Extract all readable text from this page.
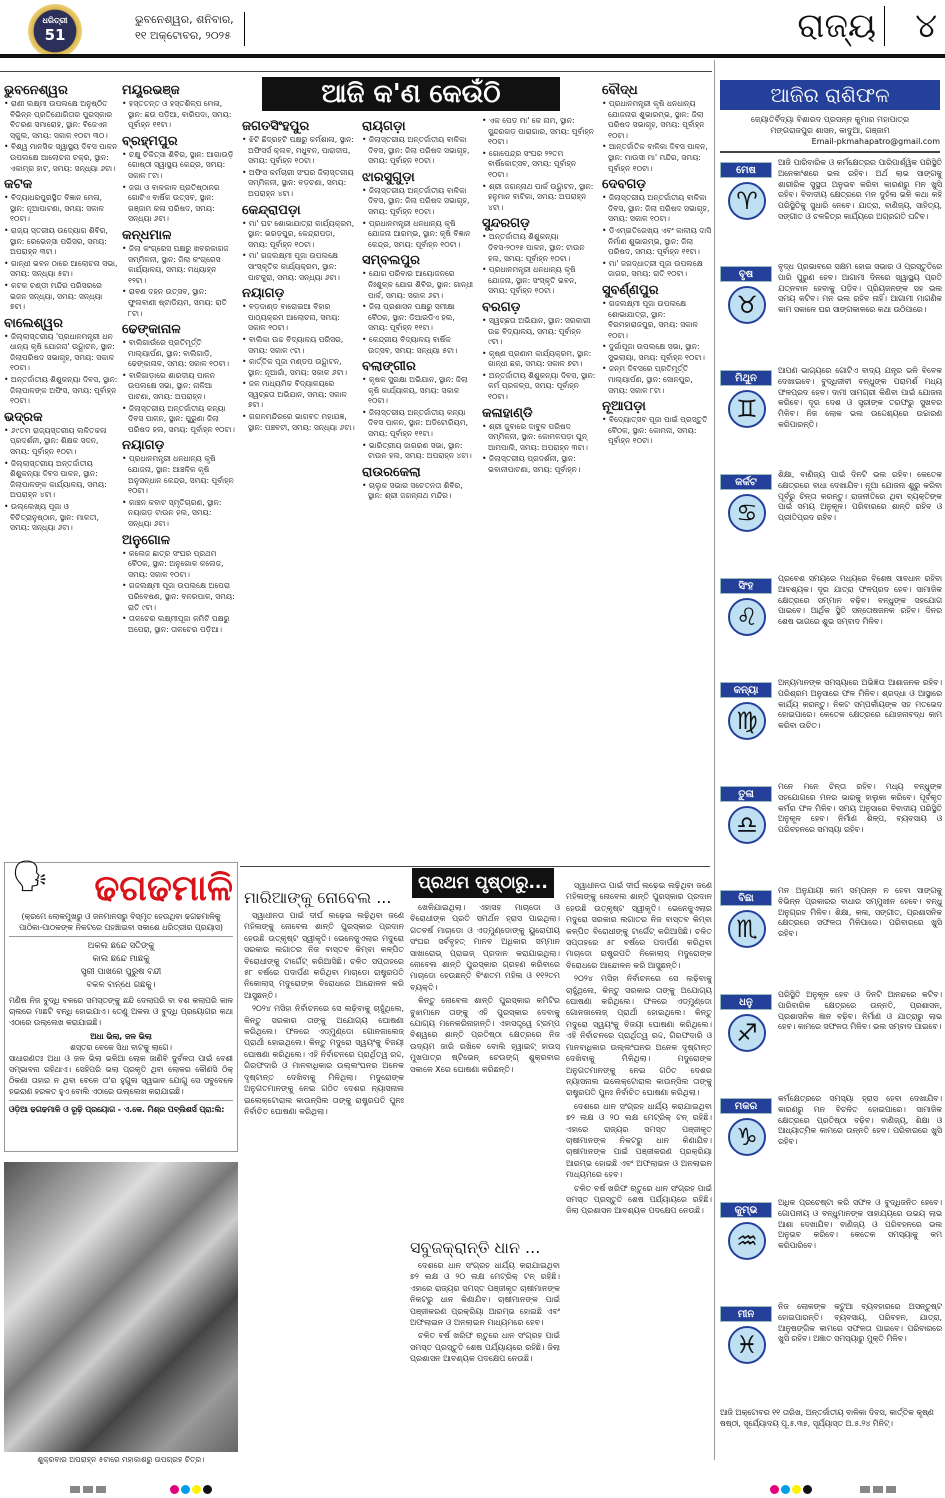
ଧରିତ୍ରୀ
51
ଭୁବନେଶ୍ୱର, ଶନିବାର,
୧୧ ଅକ୍ଟୋବର, ୨୦୨୫	ରାଜ୍ୟ ୪
ଭୁବନେଶ୍ୱର

• ରାଣୀ ଲକ୍ଷ୍ମୀ ଉପଲକ୍ଷେ ଅନୁଷ୍ଠିତ ବିଭିନ୍ନ ପ୍ରତିଯୋଗିତାର ପୁରସ୍କାର ବିତରଣ ସମାରୋହ, ସ୍ଥାନ: ବିଜେଏନ ସ୍କୁଲ, ସମୟ: ସକାଳ ୧୦ଟା ୩୦।

• ବିଶ୍ୱ ମାନସିକ ସ୍ୱାସ୍ଥ୍ୟ ଦିବସ ପାଳନ ଉପଲକ୍ଷେ ଆଲୋଚନା ଚକ୍ର, ସ୍ଥାନ: ଏକାମ୍ର ହାଟ, ସମୟ: ସନ୍ଧ୍ୟା ୬ଟା।

କଟକ

• ବିଦ୍ୟାଧରପୁରସ୍ଥିତ ବିଜ୍ଞାନ ମେଳା, ସ୍ଥାନ: ନୂଆପାଟଣା, ସମୟ: ସକାଳ ୧୦ଟା।

• ରାଜ୍ୟ ସ୍ତରୀୟ ଉଦ୍ୟୋଗ ଶିବିର, ସ୍ଥାନ: ରେଭେନ୍ସା ପରିସର, ସମୟ: ଅପରାହ୍ନ ୩ଟା।

• ଗାନ୍ଧୀ ଭବନ ଠାରେ ଆଲୋଚନା ସଭା, ସମୟ: ସନ୍ଧ୍ୟା ୫ଟା।

• କଟକ ଚଣ୍ଡୀ ମନ୍ଦିର ପରିସରରେ ଭଜନ ସନ୍ଧ୍ୟା, ସମୟ: ସନ୍ଧ୍ୟା ୭ଟା।

ବାଲେଶ୍ୱର

• ଜିଲ୍ଲାସ୍ତରୀୟ 'ପ୍ରଧାନମନ୍ତ୍ରୀ ଧନ ଧାନ୍ୟ କୃଷି ଯୋଜନା' ଉଦ୍ଘାଟନ, ସ୍ଥାନ: ଜିଲାପରିଷଦ ସଭାଗୃହ, ସମୟ: ସକାଳ ୧୦ଟା।

• ଅନ୍ତର୍ଜାତୀୟ ଶିଶୁକନ୍ୟା ଦିବସ, ସ୍ଥାନ: ଜିଲାପାଳଙ୍କ ଅଫିସ, ସମୟ: ପୂର୍ବାହ୍ନ ୧୦ଟା।

ଭଦ୍ରକ

• ୬୯ତମ ରାଜ୍ୟସ୍ତରୀୟ ଲଳିତକଳା ପ୍ରଦର୍ଶନୀ, ସ୍ଥାନ: ଶିକ୍ଷକ ସଦନ, ସମୟ: ପୂର୍ବାହ୍ନ ୧୦ଟା।

• ଜିଲ୍ଲାସ୍ତରୀୟ ଅନ୍ତର୍ଜାତୀୟ ଶିଶୁକନ୍ୟା ଦିବସ ପାଳନ, ସ୍ଥାନ: ଜିଲାପାଳଙ୍କ କାର୍ଯ୍ୟାଳୟ, ସମୟ: ଅପରାହ୍ନ ୪ଟା।

• ଉଲ୍ଲେଖ୍ୟ ପୂଜା ଓ ବିଚିତ୍ରାନୁଷ୍ଠାନ, ସ୍ଥାନ: ମାଳତୀ, ସମୟ: ସନ୍ଧ୍ୟା ୬ଟା।

ମୟୂରଭଞ୍ଜ

• ହସ୍ତତନ୍ତ ଓ ହସ୍ତଶିଳ୍ପ ମେଳା, ସ୍ଥାନ: ଛଉ ପଡ଼ିଆ, ବାରିପଦା, ସମୟ: ପୂର୍ବାହ୍ନ ୧୧ଟା।

ବ୍ରହ୍ମପୁର

• ଚକ୍ଷୁ ଚିକିତ୍ସା ଶିବିର, ସ୍ଥାନ: ଆଗାଉଡ଼ି ଗୋଷ୍ଠୀ ସ୍ୱାସ୍ଥ୍ୟ କେନ୍ଦ୍ର, ସମୟ: ସକାଳ ୮ଟା।

• ଜଗା ଓ ବାଳକାଳ ପ୍ରତିଷ୍ଠାନର ଗୋଟିଏ ବାର୍ଷିକ ଉତ୍ସବ, ସ୍ଥାନ: ଗଞ୍ଜାମ କଳା ପରିଷଦ, ସମୟ: ସନ୍ଧ୍ୟା ୬ଟା।

କନ୍ଧମାଳ

• ଜିଲା କଂଗ୍ରେସ ପକ୍ଷରୁ ଖବରକାଗଜ ସମ୍ମିଳନୀ, ସ୍ଥାନ: ଜିଲା କଂଗ୍ରେସ କାର୍ଯ୍ୟାଳୟ, ସମୟ: ମଧ୍ୟାହ୍ନ ୧୨ଟା।

• ରାବଣ ଦହନ ଉତ୍ସବ, ସ୍ଥାନ: ଫୁଲବାଣୀ ଷ୍ଟାଡିୟମ, ସମୟ: ରାତି ୮ଟା।

ଢେଙ୍କାନାଳ

• ବାଲିଗାଉଁରେ ପ୍ରତିମୂର୍ତ୍ତି ମାଲ୍ୟାର୍ପଣ, ସ୍ଥାନ: ବାଲିଗାଡ଼ି, ଢେଙ୍କାନାଳ, ସମୟ: ସକାଳ ୧୦ଟା।

• ବାଳିଗାଡ଼ାରେ ଶାରଦୀୟ ପାଳନ ଉପଲକ୍ଷେ ସଭା, ସ୍ଥାନ: ନାଳିଆ ପାଟଣା, ସମୟ: ଅପରାହ୍ନ।

• ଜିଲାସ୍ତରୀୟ ଅନ୍ତର୍ଜାତୀୟ କନ୍ୟା ଦିବସ ପାଳନ, ସ୍ଥାନ: ପୁରୁଣା ଜିଲା ପରିଷଦ ହଲ, ସମୟ: ପୂର୍ବାହ୍ନ ୧୦ଟା।

ନୟାଗଡ଼

• ପ୍ରଧାନମନ୍ତ୍ରୀ ଧନଧାନ୍ୟ କୃଷି ଯୋଜନା, ସ୍ଥାନ: ଆଞ୍ଚଳିକ କୃଷି ଅନୁସନ୍ଧାନ କେନ୍ଦ୍ର, ସମୟ: ପୂର୍ବାହ୍ନ ୧୦ଟା।

• କାଞ୍ଚନ କବାଟ ସ୍ମୃତିଚାରଣ, ସ୍ଥାନ: ନୟାଗଡ଼ ଟାଉନ ହଲ, ସମୟ: ସନ୍ଧ୍ୟା ୬ଟା।

ଅନୁଗୋଳ

• କଲେଜ ଛାତ୍ର ସଂଘର ପ୍ରଥମ ବୈଠକ, ସ୍ଥାନ: ଅନୁଗୋଳ କଲେଜ, ସମୟ: ସକାଳ ୧୦ଟା।

• ଗଜଲକ୍ଷ୍ମୀ ପୂଜା ଉପଲକ୍ଷେ ଅପେରା ପରିବେଷଣ, ସ୍ଥାନ: ବନରପାଳ, ସମୟ: ରାତି ୯ଟା।

• ତାଳଚେର ଲକ୍ଷ୍ମୀପୂଜା କମିଟି ପକ୍ଷରୁ ଅପେରା, ସ୍ଥାନ: ତାଳଚେର ପଡ଼ିଆ।

ଜଗତସିଂହପୁର

• ଝିଟି ଛିଦ୍ରହଟି ପକ୍ଷରୁ କର୍ମଶାଳା, ସ୍ଥାନ: ଅଫିସର୍ସ କ୍ଲବ, ମଧୁବନ, ପାରାଦୀପ, ସମୟ: ପୂର୍ବାହ୍ନ ୧୦ଟା।

• ଅଫିସ କର୍ମଚାରୀ ସଂଘର ଜିଲାସ୍ତରୀୟ ସମ୍ମିଳନୀ, ସ୍ଥାନ: ବଡ଼ଚଣା, ସମୟ: ଅପରାହ୍ନ ୪ଟା।

କେନ୍ଦ୍ରାପଡ଼ା

• ମା' ଘଟ ଶୋଭାଯାତ୍ରା କାର୍ଯ୍ୟକ୍ରମ, ସ୍ଥାନ: ଭରଡ଼ପୁର, କେନ୍ଦ୍ରାପଡ଼ା, ସମୟ: ପୂର୍ବାହ୍ନ ୧୦ଟା।

• ମା' ଗଜଲକ୍ଷ୍ମୀ ପୂଜା ଉପଲକ୍ଷେ ସାଂସ୍କୃତିକ କାର୍ଯ୍ୟକ୍ରମ, ସ୍ଥାନ: ପାଟକୁରା, ସମୟ: ସନ୍ଧ୍ୟା ୬ଟା।

ନୟାଗଡ଼

• ବଡ଼ଦାଣ୍ଡ ବାରୋଇଆ ବିହାର ପାଠ୍ୟକ୍ରମ ଆଲୋଚନା, ସମୟ: ସକାଳ ୧୦ଟା।

• ବାଲିକା ଉଚ୍ଚ ବିଦ୍ୟାଳୟ ପରିସର, ସମୟ: ସକାଳ ୯ଟା।

• କାର୍ତ୍ତିକ ପୂଜା ମଣ୍ଡପ ଉଦ୍ଘାଟନ, ସ୍ଥାନ: ନୂଆଗାଁ, ସମୟ: ସକାଳ ୬ଟା।

• ଜଳ ମାଧ୍ୟମିକ ବିଦ୍ୟାଳୟରେ ସ୍ୱଚ୍ଛତା ଅଭିଯାନ, ସମୟ: ସକାଳ ୭ଟା।

• ଗଗନମନ୍ଦିରରେ ଭାଗବତ ମହାଯଜ୍ଞ, ସ୍ଥାନ: ପଞ୍ଚବଟୀ, ସମୟ: ସନ୍ଧ୍ୟା ୬ଟା।

ରାୟଗଡ଼ା

• ଜିଲାସ୍ତରୀୟ ଅନ୍ତର୍ଜାତୀୟ ବାଳିକା ଦିବସ, ସ୍ଥାନ: ଜିଲା ପରିଷଦ ସଭାଗୃହ, ସମୟ: ପୂର୍ବାହ୍ନ ୧୦ଟା।

ଝାରସୁଗୁଡ଼ା

• ଜିଲାସ୍ତରୀୟ ଅନ୍ତର୍ଜାତୀୟ ବାଳିକା ଦିବସ, ସ୍ଥାନ: ଜିଲା ପରିଷଦ ସଭାଗୃହ, ସମୟ: ପୂର୍ବାହ୍ନ ୧୦ଟା।

• ପ୍ରଧାନମନ୍ତ୍ରୀ ଧନଧାନ୍ୟ କୃଷି ଯୋଜନା ଆରମ୍ଭ, ସ୍ଥାନ: କୃଷି ବିଜ୍ଞାନ କେନ୍ଦ୍ର, ସମୟ: ପୂର୍ବାହ୍ନ ୧୦ଟା।

ସମ୍ବଲପୁର

• ଯୋଗ ପରିବାର ଆୟୋଜନରେ ନିଃଶୁଳ୍କ ଯୋଗ ଶିବିର, ସ୍ଥାନ: ଗାନ୍ଧୀ ପାର୍କ, ସମୟ: ସକାଳ ୬ଟା।

• ଜିଲା ପ୍ରଶାସନ ପକ୍ଷରୁ ସମୀକ୍ଷା ବୈଠକ, ସ୍ଥାନ: ଡିଆରଡିଏ ହଲ, ସମୟ: ପୂର୍ବାହ୍ନ ୧୧ଟା।

• କେନ୍ଦ୍ରୀୟ ବିଦ୍ୟାଳୟ ବାର୍ଷିକ ଉତ୍ସବ, ସମୟ: ସନ୍ଧ୍ୟା ୫ଟା।

ବଲାଙ୍ଗୀର

• କୃଷକ ସୁରକ୍ଷା ଅଭିଯାନ, ସ୍ଥାନ: ଜିଲା କୃଷି କାର୍ଯ୍ୟାଳୟ, ସମୟ: ସକାଳ ୧୦ଟା।

• ଜିଲାସ୍ତରୀୟ ଅନ୍ତର୍ଜାତୀୟ କନ୍ୟା ଦିବସ ପାଳନ, ସ୍ଥାନ: ଅଡିଟୋରିୟମ, ସମୟ: ପୂର୍ବାହ୍ନ ୧୧ଟା।

• ଭାରିତ୍ରୀୟ ଜାଗରଣ ସଭା, ସ୍ଥାନ: ଟାଉନ ହଲ, ସମୟ: ଅପରାହ୍ନ ୪ଟା।

ରାଉରକେଲା

• ଚାଲୁକ ସଭାର ସଚେତନତା ଶିବିର, ସ୍ଥାନ: ଶ୍ରୀ ଜଗନ୍ନାଥ ମନ୍ଦିର।

• ଏକ ପେଡ଼ ମା' କେ ନାମ, ସ୍ଥାନ: ସୁନ୍ଦରଗଡ଼ ପାରାଗାର, ସମୟ: ପୂର୍ବାହ୍ନ ୧୦ଟା।

• ଗୋପେନ୍ଦ୍ର ସଂଘର ୨୨ତମ ବାର୍ଷିକୋତ୍ସବ, ସମୟ: ପୂର୍ବାହ୍ନ ୧୦ଟା।

• ଶ୍ରୀ ଜଗନ୍ନାଥ ପାର୍କ ଉଦ୍ଘାଟନ, ସ୍ଥାନ: ହନୁମାନ ବାଟିକା, ସମୟ: ଅପରାହ୍ନ ୪ଟା।

ସୁନ୍ଦରଗଡ଼

• ଅନ୍ତର୍ଜାତୀୟ ଶିଶୁକନ୍ୟା ଦିବସ-୨୦୨୫ ପାଳନ, ସ୍ଥାନ: ଟାଉନ ହଲ, ସମୟ: ପୂର୍ବାହ୍ନ ୧୦ଟା।

• ପ୍ରଧାନମନ୍ତ୍ରୀ ଧନଧାନ୍ୟ କୃଷି ଯୋଜନା, ସ୍ଥାନ: ସଂସ୍କୃତି ଭବନ, ସମୟ: ପୂର୍ବାହ୍ନ ୧୦ଟା।

ବରଗଡ଼

• ସ୍ୱଚ୍ଛତା ଅଭିଯାନ, ସ୍ଥାନ: ସରକାରୀ ଉଚ୍ଚ ବିଦ୍ୟାଳୟ, ସମୟ: ପୂର୍ବାହ୍ନ ୯ଟା।

• କୃଷ୍ଣ ପ୍ରଣାମ କାର୍ଯ୍ୟକ୍ରମ, ସ୍ଥାନ: ଗାନ୍ଧୀ ଛକ, ସମୟ: ସକାଳ ୭ଟା।

• ଅନ୍ତର୍ଜାତୀୟ ଶିଶୁକନ୍ୟା ଦିବସ, ସ୍ଥାନ: କର୍ମ ପ୍ରକଳ୍ପ, ସମୟ: ପୂର୍ବାହ୍ନ ୧୦ଟା।

କଳାହାଣ୍ଡି

• ଶ୍ରୀ ଜୁବାରେ ଦାବୁଳ ପରିଷଦ ସମ୍ମିଳନୀ, ସ୍ଥାନ: କୋମଳପଡ଼ା ଘୁନ୍ ଆମପାଲି, ସମୟ: ଅପରାହ୍ନ ୩ଟା।

• ଜିଲାସ୍ତରୀୟ ପ୍ରଦର୍ଶନୀ, ସ୍ଥାନ: ଭବାନୀପାଟଣା, ସମୟ: ପୂର୍ବାହ୍ନ।

ବୌଦ୍ଧ

• ପ୍ରଧାନମନ୍ତ୍ରୀ କୃଷି ଧନଧାନ୍ୟ ଯୋଜନାର ଶୁଭାରମ୍ଭ, ସ୍ଥାନ: ଜିଲା ପରିଷଦ ସଭାଗୃହ, ସମୟ: ପୂର୍ବାହ୍ନ ୧୦ଟା।

• ଆନ୍ତର୍ଜାତିକ ବାଳିକା ଦିବସ ପାଳନ, ସ୍ଥାନ: ମାଉସୀ ମା' ମନ୍ଦିର, ସମୟ: ପୂର୍ବାହ୍ନ ୧୦ଟା।

ଦେବଗଡ଼

• ଜିଲାସ୍ତରୀୟ ଅନ୍ତର୍ଜାତୀୟ ବାଳିକା ଦିବସ, ସ୍ଥାନ: ଜିଲା ପରିଷଦ ସଭାଗୃହ, ସମୟ: ସକାଳ ୧୦ଟା।

• ଡିଏମ୍ଇତିରେଖ୍ୟ ଏବଂ କାଳୀୟ ଦାସି ନିର୍ମାଣ ଶୁଭାରମ୍ଭ, ସ୍ଥାନ: ଜିଲା ପରିଷଦ, ସମୟ: ପୂର୍ବାହ୍ନ ୧୧ଟା।

• ମା' ଜଗଦ୍ଧାତ୍ରୀ ପୂଜା ଉପଲକ୍ଷେ ଜାଗର, ସମୟ: ରାତି ୧୦ଟା।

ସୁବର୍ଣ୍ଣପୁର

• ଗଜଲକ୍ଷ୍ମୀ ପୂଜା ଉପଲକ୍ଷେ ଶୋଭାଯାତ୍ରା, ସ୍ଥାନ: ବିରମହାରାଜପୁର, ସମୟ: ସକାଳ ୧୦ଟା।

• ଦୁର୍ଗାପୂଜା ଉପଲକ୍ଷେ ସଭା, ସ୍ଥାନ: ସୁଭଲାୟା, ସମୟ: ପୂର୍ବାହ୍ନ ୧୦ଟା।

• ଜନ୍ମ ଦିବସରେ ପ୍ରତିମୂର୍ତ୍ତି ମାଲ୍ୟାର୍ପଣ, ସ୍ଥାନ: ସୋନପୁର, ସମୟ: ସକାଳ ୮ଟା।

ନୂଆପଡ଼ା

• ବିଦ୍ୟୋତ୍ସବ ପୂଜା ପାଇଁ ପ୍ରସ୍ତୁତି ବୈଠକ, ସ୍ଥାନ: କୋମନା, ସମୟ: ପୂର୍ବାହ୍ନ ୧୦ଟା।

ଆଜି କ'ଣ କେଉଁଠି	ଆଜିର ରାଶିଫଳ
ଜ୍ୟୋତିର୍ବିଦ୍ୟା ବିଶାରଦ ପ୍ରସନ୍ନ କୁମାର ମହାପାତ୍ର
ମଙ୍ଗରାଜପୁର ଶାସନ, କାଦୁଆ, ଗଞ୍ଜାମ
Email-pkmahapatro@gmail.com
ମେଷ
♈
ଆଜି ପାରିବାରିକ ଓ କର୍ମକ୍ଷେତ୍ରର ପାରିପାର୍ଶ୍ୱିକ ପରିସ୍ଥିତି ଅନେକାଂଶରେ ଭଲ ରହିବ। ଅର୍ଥ ଲାଭ ସାଙ୍ଗକୁ ଶାରୀରିକ ସୁସ୍ଥତା ଅନୁଭବ କରିବା କାରଣରୁ ମନ ଖୁସି ରହିବ। ବିବାଦୀୟ କ୍ଷେତ୍ରରେ ମନ ଦୁହଁଳା ଭଳି କଥା କହି ପରିସ୍ଥିତିକୁ ସୁଧାରି ନେବେ। ଯାତ୍ରା, ବାଣିଜ୍ୟ, ସାହିତ୍ୟ, ସଙ୍ଗୀତ ଓ ଚଳଚ୍ଚିତ୍ର କାର୍ଯ୍ୟରେ ଅଗ୍ରଗତି ଘଟିବ।
ବୃଷ
♉
ବୃଦ୍ଧ ପ୍ରଭାବରେ ସକ୍ଷମ ହୋଇ ସଭାର ଓ ପ୍ରସ୍ତୁତିରେ ପାରି ପୁରୁଣ ହେବ। ଆଗାମୀ ଦିନରେ ସ୍ୱାସ୍ଥ୍ୟ ପ୍ରତି ଯତ୍ନବାନ ହେବାକୁ ପଡ଼ିବ। ପ୍ରିୟଜନଙ୍କ ସହ ଭଲ ସମୟ କଟିବ। ମନ ଭଲ ରହିବ ନାହିଁ। ଆଗାମୀ ମାଗଣିକ କାମ ସକାଳେ ଘର ସାଙ୍ଗକାଳରେ କଥା ଉଠିପାରେ।
ମିଥୁନ
♊
ଆପଣ ଭାଗ୍ୟରେ ଗୋଟିଏ ବାଦ୍ୟ ଯନ୍ତ୍ର ଭଳି ବିବେକ ଦେଖାଇବେ। ବୁଦ୍ଧିଜୀବୀ ବନ୍ଧୁଙ୍କ ପରାମର୍ଶ ମଧ୍ୟ ଫଳପ୍ରଦ ହେବ। ଦାମୀ ସାମଗ୍ରୀ କିଣିବା ପାଇଁ ଯୋଜନା କରିବେ। ଦୂର ଦେଶ ଓ ସ୍ତ୍ରୀଙ୍କ ତରଫରୁ ସୁଖବର ମିଳିବ। ନିଜ ଲୋକ ଭଲ ଉଦ୍ଦେଶ୍ୟରେ ଉଚ୍ଚାରଣ କରିପାରନ୍ତି।
କର୍କଟ
♋
ଶିକ୍ଷା, ବାଣିଜ୍ୟ ପାଇଁ ଦିନଟି ଭଲ ରହିବ। କେତେକ କ୍ଷେତ୍ରରେ ବାଧା ଦେଖାଯିବ। ନୂଆ ଯୋଜନା ଶୁରୁ କରିବା ପୂର୍ବରୁ ଚିନ୍ତା କରନ୍ତୁ। ରାଜନୀତିରେ ଥିବା ବ୍ୟକ୍ତିଙ୍କ ପାଇଁ ସମୟ ଅନୁକୂଳ। ପରିବାରରେ ଶାନ୍ତି ରହିବ ଓ ପ୍ରୀତିପ୍ରଦ ରହିବ।
ସିଂହ
♌
ପ୍ରବେଶ ସମୟରେ ମଧ୍ୟରେ ବିଶେଷ ସାବଧାନ ରହିବା ଆବଶ୍ୟକ। ଦୂର ଯାତ୍ରା ଫଳପ୍ରଦ ହେବ। ସାମାଜିକ କ୍ଷେତ୍ରରେ ସମ୍ମାନ ବଢ଼ିବ। ବନ୍ଧୁଙ୍କ ସହଯୋଗ ପାଇବେ। ଆର୍ଥିକ ସ୍ଥିତି ସନ୍ତୋଷଜନକ ରହିବ। ଦିନର ଶେଷ ଭାଗରେ ଶୁଭ ସମ୍ବାଦ ମିଳିବ।
କନ୍ୟା
♍
ଅନ୍ୟମାନଙ୍କ ସମସ୍ୟାରେ ଅଭିଜ୍ଞତା ଆଶାଜନକ ରହିବ। ପରିଶ୍ରମ ଅନୁସାରେ ଫଳ ମିଳିବ। ଶ୍ରଦ୍ଧା ଓ ଆସ୍ଥାରେ କାର୍ଯ୍ୟ କରନ୍ତୁ। ନିକଟ ସମ୍ପର୍କୀୟଙ୍କ ସହ ମତଭେଦ ହୋଇପାରେ। କେତେକ କ୍ଷେତ୍ରରେ ଯୋଜନାବଦ୍ଧ କାମ କରିବା ଉଚିତ।
ତୁଳା
♎
ମନେ ମନେ ଚିନ୍ତା ରହିବ। ମଧ୍ୟ ବନ୍ଧୁଙ୍କ ସହଯୋଗରେ ମନର ଭାରକୁ ହାଲୁକା କରିବେ। ପୂର୍ବକୃତ କର୍ମର ଫଳ ମିଳିବ। ସମୟ ଅନୁସାରେ ବିବାଦୀୟ ପରିସ୍ଥିତି ଅନୁକୂଳ ହେବ। ନିର୍ମାଣ ଶିଳ୍ପ, ବ୍ୟବସାୟ ଓ ପରିବହନରେ ସମସ୍ୟା ରହିବ।
ବିଛା
♏
ମନ ଅନୁଯାୟୀ କାମ ସମ୍ପନ୍ନ ନ ହେବା ସାଙ୍ଗକୁ ବିଭିନ୍ନ ପ୍ରକାରର ବାଧାର ସମ୍ମୁଖୀନ ହେବେ। ବନ୍ଧୁ ଅନୁଗ୍ରହ ମିଳିବ। ଶିକ୍ଷା, କଳା, ସଙ୍ଗୀତ, ପ୍ରଶାସନିକ କ୍ଷେତ୍ରରେ ସଫଳତା ମିଳିପାରେ। ପରିବାରରେ ଖୁସି ରହିବ।
ଧନୁ
♐
ପରିସ୍ଥିତି ଅନୁକୂଳ ହେବ ଓ ଦିନଟି ଆନନ୍ଦରେ କଟିବ। ପାରିବାରିକ କ୍ଷେତ୍ରରେ ଉନ୍ନତି, ପ୍ରଶାସନ, ପ୍ରଶାସନିକ ଜ୍ଞାନ ବଢ଼ିବ। ନିର୍ମାଣ ଓ ଯାତ୍ରାରୁ ଲାଭ ହେବ। କାମରେ ସଫଳତା ମିଳିବ। ଭଲ ସମ୍ବାଦ ପାଇବେ।
ମକର
♑
କର୍ମକ୍ଷେତ୍ରରେ ସମସ୍ୟା ହ୍ରାସ ହେବା ଦେଖାଯିବ। କାରଣରୁ ମନ ବିଚଳିତ ହୋଇପାରେ। ସାମାଜିକ କ୍ଷେତ୍ରରେ ପ୍ରତିଷ୍ଠା ବଢ଼ିବ। ବାଣିଜ୍ୟ, ଶିକ୍ଷା ଓ ଆଧ୍ୟାତ୍ମିକ କାମରେ ଉନ୍ନତି ହେବ। ପରିବାରରେ ଖୁସି ରହିବ।
କୁମ୍ଭ
♒
ଅଧିକ ପ୍ରଚେଷ୍ଟା କରି ସଫଳ ଓ ବୁଦ୍ଧିଜନିତ ହେବେ। ଗୋପନୀୟ ଓ ବନ୍ଧୁମାନଙ୍କ ସାହାଯ୍ୟରେ ଉଭୟ ଲାଭ ଆଶା ଦେଖାଯିବ। ବାଣିଜ୍ୟ ଓ ପରିବହନରେ ଭଲ ଅନୁଭବ କରିବେ। କେତେକ ସମସ୍ୟାକୁ କମ କରିପାରିବେ।
ମୀନ
♓
ନିଜ ଲୋକଙ୍କ କଟୁଆ ବ୍ୟବହାରରେ ଅସନ୍ତୁଷ୍ଟ ହୋଇପାରନ୍ତି। ବ୍ୟବସାୟ, ପରିବହନ, ଯାତ୍ରା, ଆନୁଷଙ୍ଗିକ କାମରେ ସଫଳତା ପାଇବେ। ପରିବାରରେ ଖୁସି ରହିବ। ଅଜ୍ଞାତ ସମସ୍ୟାରୁ ମୁକ୍ତି ମିଳିବ।
ଆଜି ଅକ୍ଟୋବର ୧୧ ତାରିଖ, ଅନ୍ତର୍ଜାତୀୟ ବାଳିକା ଦିବସ, କାର୍ତ୍ତିକ କୃଷ୍ଣ ଷଷ୍ଠୀ, ସୂର୍ଯ୍ୟୋଦୟ ପୂ.୫.୩୫, ସୂର୍ଯ୍ୟାସ୍ତ ଅ.୫.୨୪ ମିନିଟ୍।
🗣	ଢଗଢମାଳି
(କ୍ରମେ ଲୋକମୁଖରୁ ଓ ଜନମାନସରୁ ବିସ୍ମୃତ ହେଉଥିବା ଢଗଢମାଳିକୁ ପାଠିକା-ପାଠକଙ୍କ ନିକଟରେ ପହଞ୍ଚାଇବା ସକାଶେ ଧରିତ୍ରୀର ପ୍ରୟାସ)
ଅକଲ ଛନ୍ଦେ ସତିଙ୍କୁ
କାଲ ଛନ୍ଦେ ମାଛକୁ
ସ୍ତ୍ରୀ ପାଖରେ ପୁରୁଷ ବନ୍ଦୀ
ବକଳ ବାନ୍ଧେ ଗଛକୁ।
ମଣିଷ ନିଜ ବୁଦ୍ଧି ବଳରେ ସମସ୍ତଙ୍କୁ ଛନ୍ଦି ଦେଲାପରି ବା ବଶ କଲାପରି କାଳ ଚାଲରେ ମାଛଟି ବନ୍ଧି ହୋଇଯାଏ। ତେଣୁ ଅକଲ ଓ ବୁଦ୍ଧି ପ୍ରୟୋଗର କଥା ଏଠାରେ ଉଲ୍ଲେଖ କରାଯାଇଛି।
ଅଧା ଭିଲା, ଜଳ ଭିଲା
ଶସ୍ତର ବେକେ ସିଧା ବାଟକୁ ଲାଗେ।
ସାଧାରଣତଃ ଅଧା ଓ ଜଳ ଭିଲା ଭଳିଆ ଲୋକ ଜାଣିବି ଦୁର୍ବଳତା ପାଇଁ ବେଶୀ ସମ୍ଭାବନା ରହିଥାଏ। ସେହିପରି ଭଲା ପ୍ରକୃତି ଥିବା ଲୋକର କୌଣସି ଠିକ୍ ଠିକଣା ତାହାର ନ ଥିବା ବେଳେ ତା'ର ହୁଗୁଳା ସ୍ୱଭାବ ଯୋଗୁ ସେ ସବୁବେଳେ ହଇରାଣ ହରକତ ହୁଏ ବୋଲି ଏଠାରେ ଉଲ୍ଲେଖ କରାଯାଇଛି।
ଓଡ଼ିଆ ଢଗଢମାଳି ଓ ରୂଢ଼ି ପ୍ରୟୋଗ - ଏ.କେ. ମିଶ୍ର ପବ୍ଲିଶର୍ସ ପ୍ରା:ଲି:
ଶୁକ୍ରବାର ଅପରାହ୍ନ ୫ଟାରେ ମହାକାଶରୁ ଉପଗ୍ରହ ଚିତ୍ର।
ପ୍ରଥମ ପୃଷ୍ଠାରୁ...
ମାରିଆଙ୍କୁ ନୋବେଲ ...

ସ୍ୱାଧୀନତା ପାଇଁ ଦୀର୍ଘ ଲଢ଼େଇ ଲଢ଼ିଥିବା ଜଣେ ମହିଳାଙ୍କୁ ନୋବେଲ ଶାନ୍ତି ପୁରସ୍କାର ପ୍ରଦାନ ହେଉଛି ଉତ୍କୃଷ୍ଟ ସ୍ୱୀକୃତି। ଭେନେଜୁଏଲାର ମଦୁରୋ ସରକାର ଲଗାତର ନିଜ ବାସ୍ତବ କିମ୍ବା କଳ୍ପିତ ବିରୋଧୀଙ୍କୁ ଟାର୍ଗେଟ୍ କରିଆସିଛି। ଚଳିତ ସପ୍ତାହରେ ୫୮ ବର୍ଷରେ ପଦାର୍ପଣ କରିଥିବା ମାଚାଡୋ ରାଷ୍ଟ୍ରପତି ନିକୋଲାସ୍ ମଦୁରୋଙ୍କ ବିରୋଧରେ ଆନ୍ଦୋଳନ କରି ଆସୁଛନ୍ତି।

୨୦୨୪ ମସିହା ନିର୍ବାଚନରେ ସେ ଲଢ଼ିବାକୁ ଚାହୁଁଥିଲେ, କିନ୍ତୁ ସରକାର ତାଙ୍କୁ ଅଯୋଗ୍ୟ ଘୋଷଣା କରିଥିଲେ। ଫଳରେ ଏଡ୍ମୁଣ୍ଡୋ ଗୋନଜାଲେଜ୍ ପ୍ରାର୍ଥୀ ହୋଇଥିଲେ। କିନ୍ତୁ ମଦୁରୋ ସ୍ୱୟଂକୁ ବିଜୟୀ ଘୋଷଣା କରିଥିଲେ। ଏହି ନିର୍ବାଚନରେ ପ୍ରାର୍ଥିତ୍ୱ ରଦ୍ଦ, ଗିରଫଦାରି ଓ ମାନବାଧିକାର ଉଲ୍ଲଂଘନର ଅନେକ ଦୃଷ୍ଟାନ୍ତ ଦେଖିବାକୁ ମିଳିଥିଲା। ମଦୁରୋଙ୍କ ଅନୁଗତମାନଙ୍କୁ ନେଇ ଗଠିତ ଦେଶର ନ୍ୟାସନାଲ ଇଲେକ୍ଟୋରାଲ କାଉନ୍‌ସିଲ ତାଙ୍କୁ ରାଷ୍ଟ୍ରପତି ପୁନଃ ନିର୍ବାଚିତ ଘୋଷଣା କରିଥିଲା।

ଖେଳିଯାଇଥିଲା। ଏହାସହ ମାଚାଡୋ ଓ ବିରୋଧୀଙ୍କ ପ୍ରତି ସମର୍ଥନ ହ୍ରାସ ପାଇଥିଲା। ଗତବର୍ଷ ମାଚାଡୋ ଓ ଏଡ୍ମୁଣ୍ଡୋଙ୍କୁ ୟୁରୋପୀୟ ସଂଘର ସର୍ବବୃହତ୍ ମାନବ ଅଧିକାର ସମ୍ମାନ ସାଖାରୋଭ୍ ପ୍ରାଇଜ୍ ପ୍ରଦାନ କରାଯାଇଥିଲା। ନୋବେଲ ଶାନ୍ତି ପୁରସ୍କାର ଗ୍ରହଣ କରିବାରେ ମାଚାଡୋ ହେଉଛନ୍ତି ବିଂଶତମ ମହିଳା ଓ ୧୧୨ତମ ବ୍ୟକ୍ତି।

କିନ୍ତୁ ନୋବେଲ ଶାନ୍ତି ପୁରସ୍କାର କମିଟିର ବୁଝାମାନେ ତାଙ୍କୁ ଏହି ପୁରସ୍କାର ଦେବାକୁ ଯୋଗ୍ୟ ମନେକରିନାହାନ୍ତି। ଏହାସତ୍ତ୍ୱେ ଟ୍ରମ୍ପ ବିଶ୍ୱରେ ଶାନ୍ତି ପ୍ରତିଷ୍ଠା କ୍ଷେତ୍ରରେ ନିଜ ଉଦ୍ୟମ ଜାରି ରଖିବେ ବୋଲି ହ୍ୱାଇଟ୍ ହାଉସ୍ ମୁଖପାତ୍ର ଷ୍ଟିଭେନ୍ ଚେଉଙ୍ଗ୍ ଶୁକ୍ରବାର ସକାଳେ Xରେ ଘୋଷଣା କରିଛନ୍ତି।

ସବୁଜକ୍ରାନ୍ତି ଧାନ ...

ଦେଶରେ ଧାନ ସଂଗ୍ରହ ଧାର୍ଯ୍ୟ କରାଯାଇଥିବା ୭୨ ଲକ୍ଷ ଓ ୨୦ ଲକ୍ଷ ମେଟ୍ରିକ୍ ଟନ୍ ରହିଛି। ଏହାରେ ରାଜ୍ୟର ସମସ୍ତ ପଞ୍ଜୀକୃତ ଚାଷୀମାନଙ୍କ ନିକଟରୁ ଧାନ କିଣାଯିବ। ଚାଷୀମାନଙ୍କ ପାଇଁ ପଞ୍ଜୀକରଣ ପ୍ରକ୍ରିୟା ଆରମ୍ଭ ହୋଇଛି ଏବଂ ଅଫଲାଇନ ଓ ଅନଲାଇନ ମାଧ୍ୟମରେ ହେବ।

ଚଳିତ ବର୍ଷ ଖରିଫ ଋତୁରେ ଧାନ ସଂଗ୍ରହ ପାଇଁ ସମସ୍ତ ପ୍ରସ୍ତୁତି ଶେଷ ପର୍ଯ୍ୟାୟରେ ରହିଛି। ଜିଲା ପ୍ରଶାସନ ଆବଶ୍ୟକ ପଦକ୍ଷେପ ନେଉଛି।

ସ୍ୱାଧୀନତା ପାଇଁ ଦୀର୍ଘ ଲଢ଼େଇ ଲଢ଼ିଥିବା ଜଣେ ମହିଳାଙ୍କୁ ନୋବେଲ ଶାନ୍ତି ପୁରସ୍କାର ପ୍ରଦାନ ହେଉଛି ଉତ୍କୃଷ୍ଟ ସ୍ୱୀକୃତି। ଭେନେଜୁଏଲାର ମଦୁରୋ ସରକାର ଲଗାତର ନିଜ ବାସ୍ତବ କିମ୍ବା କଳ୍ପିତ ବିରୋଧୀଙ୍କୁ ଟାର୍ଗେଟ୍ କରିଆସିଛି। ଚଳିତ ସପ୍ତାହରେ ୫୮ ବର୍ଷରେ ପଦାର୍ପଣ କରିଥିବା ମାଚାଡୋ ରାଷ୍ଟ୍ରପତି ନିକୋଲାସ୍ ମଦୁରୋଙ୍କ ବିରୋଧରେ ଆନ୍ଦୋଳନ କରି ଆସୁଛନ୍ତି।

୨୦୨୪ ମସିହା ନିର୍ବାଚନରେ ସେ ଲଢ଼ିବାକୁ ଚାହୁଁଥିଲେ, କିନ୍ତୁ ସରକାର ତାଙ୍କୁ ଅଯୋଗ୍ୟ ଘୋଷଣା କରିଥିଲେ। ଫଳରେ ଏଡ୍ମୁଣ୍ଡୋ ଗୋନଜାଲେଜ୍ ପ୍ରାର୍ଥୀ ହୋଇଥିଲେ। କିନ୍ତୁ ମଦୁରୋ ସ୍ୱୟଂକୁ ବିଜୟୀ ଘୋଷଣା କରିଥିଲେ। ଏହି ନିର୍ବାଚନରେ ପ୍ରାର୍ଥିତ୍ୱ ରଦ୍ଦ, ଗିରଫଦାରି ଓ ମାନବାଧିକାର ଉଲ୍ଲଂଘନର ଅନେକ ଦୃଷ୍ଟାନ୍ତ ଦେଖିବାକୁ ମିଳିଥିଲା। ମଦୁରୋଙ୍କ ଅନୁଗତମାନଙ୍କୁ ନେଇ ଗଠିତ ଦେଶର ନ୍ୟାସନାଲ ଇଲେକ୍ଟୋରାଲ କାଉନ୍‌ସିଲ ତାଙ୍କୁ ରାଷ୍ଟ୍ରପତି ପୁନଃ ନିର୍ବାଚିତ ଘୋଷଣା କରିଥିଲା।

ଦେଶରେ ଧାନ ସଂଗ୍ରହ ଧାର୍ଯ୍ୟ କରାଯାଇଥିବା ୭୨ ଲକ୍ଷ ଓ ୨୦ ଲକ୍ଷ ମେଟ୍ରିକ୍ ଟନ୍ ରହିଛି। ଏହାରେ ରାଜ୍ୟର ସମସ୍ତ ପଞ୍ଜୀକୃତ ଚାଷୀମାନଙ୍କ ନିକଟରୁ ଧାନ କିଣାଯିବ। ଚାଷୀମାନଙ୍କ ପାଇଁ ପଞ୍ଜୀକରଣ ପ୍ରକ୍ରିୟା ଆରମ୍ଭ ହୋଇଛି ଏବଂ ଅଫଲାଇନ ଓ ଅନଲାଇନ ମାଧ୍ୟମରେ ହେବ।

ଚଳିତ ବର୍ଷ ଖରିଫ ଋତୁରେ ଧାନ ସଂଗ୍ରହ ପାଇଁ ସମସ୍ତ ପ୍ରସ୍ତୁତି ଶେଷ ପର୍ଯ୍ୟାୟରେ ରହିଛି। ଜିଲା ପ୍ରଶାସନ ଆବଶ୍ୟକ ପଦକ୍ଷେପ ନେଉଛି।
